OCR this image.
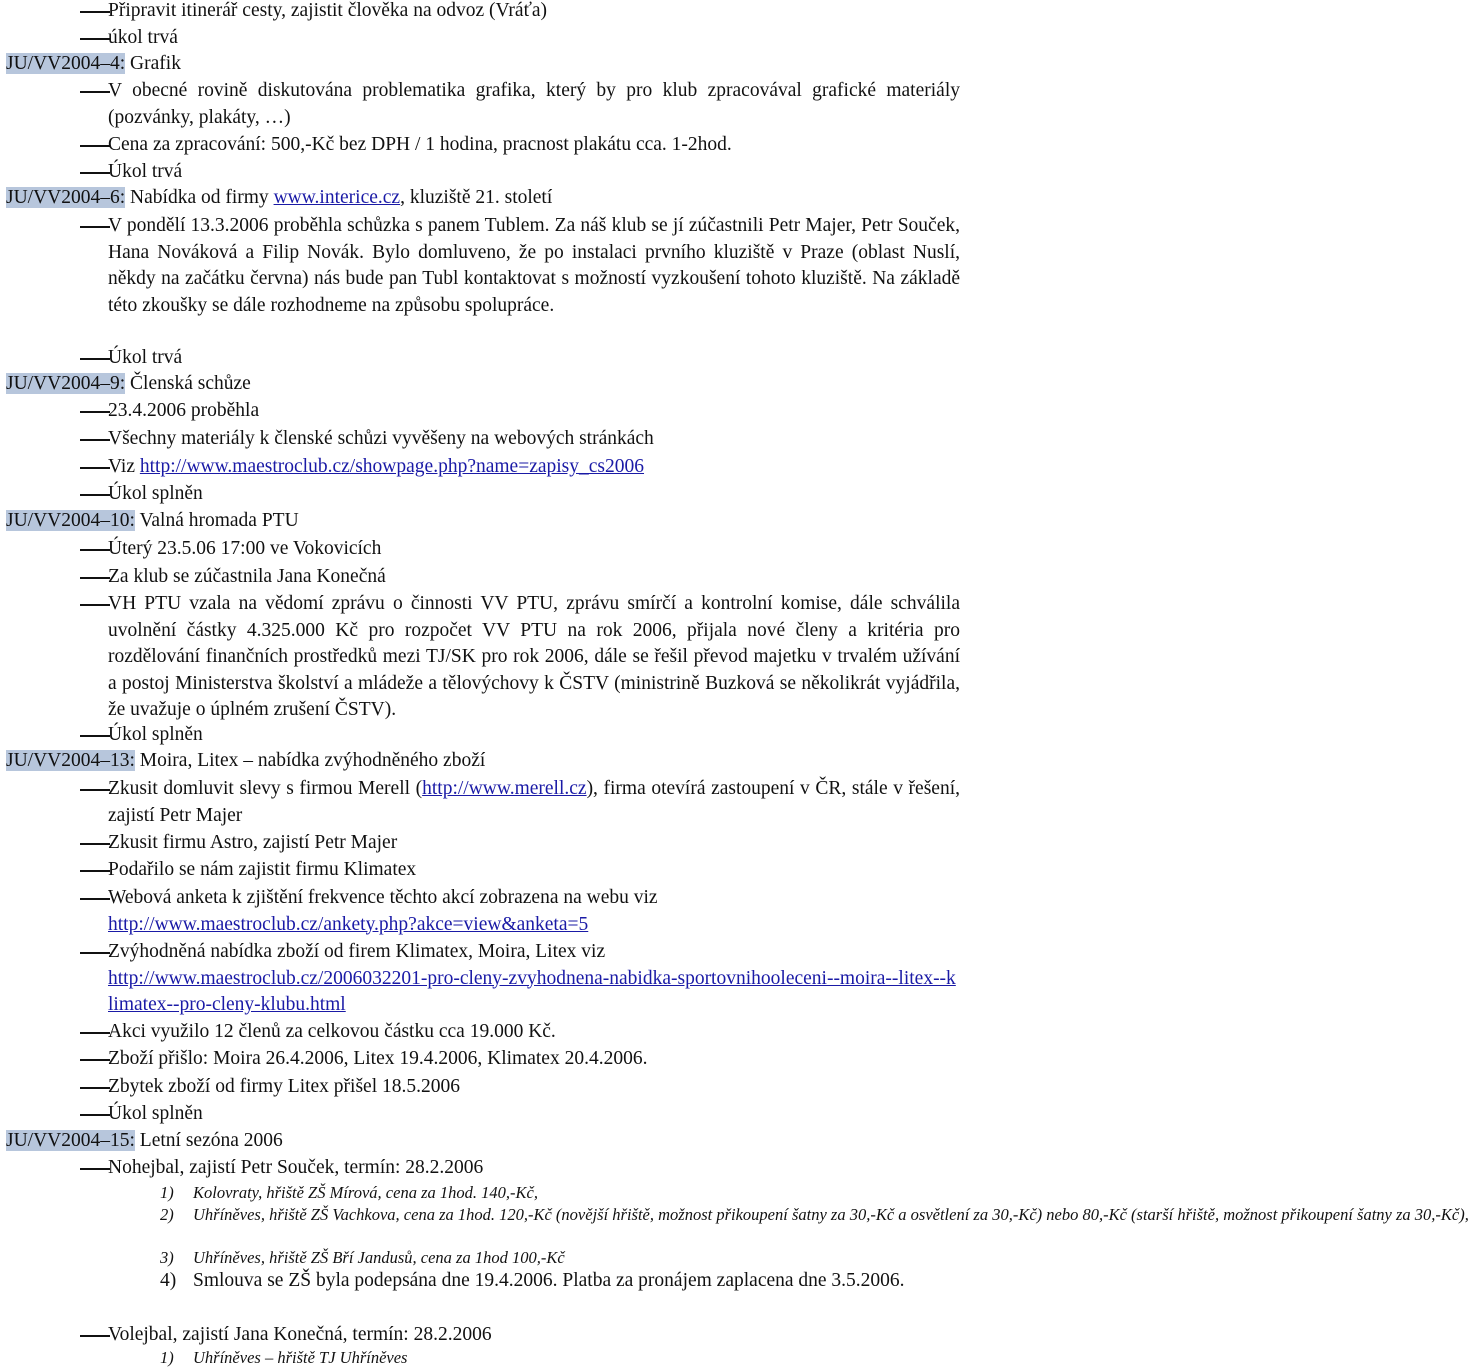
Připravit itinerář cesty, zajistit člověka na odvoz (Vráťa)
úkol trvá
JU/VV2004–4: Grafik
V obecné rovině diskutována problematika grafika, který by pro klub zpracovával grafické materiály (pozvánky, plakáty, …)
Cena za zpracování: 500,-Kč bez DPH / 1 hodina, pracnost plakátu cca. 1-2hod.
Úkol trvá
JU/VV2004–6: Nabídka od firmy www.interice.cz, kluziště 21. století
V pondělí 13.3.2006 proběhla schůzka s panem Tublem. Za náš klub se jí zúčastnili Petr Majer, Petr Souček, Hana Nováková a Filip Novák. Bylo domluveno, že po instalaci prvního kluziště v Praze (oblast Nuslí, někdy na začátku června) nás bude pan Tubl kontaktovat s možností vyzkoušení tohoto kluziště. Na základě této zkoušky se dále rozhodneme na způsobu spolupráce.
Úkol trvá
JU/VV2004–9: Členská schůze
23.4.2006 proběhla
Všechny materiály k členské schůzi vyvěšeny na webových stránkách
Viz http://www.maestroclub.cz/showpage.php?name=zapisy_cs2006
Úkol splněn
JU/VV2004–10: Valná hromada PTU
Úterý 23.5.06 17:00 ve Vokovicích
Za klub se zúčastnila Jana Konečná
VH PTU vzala na vědomí zprávu o činnosti VV PTU, zprávu smírčí a kontrolní komise, dále schválila uvolnění částky 4.325.000 Kč pro rozpočet VV PTU na rok 2006, přijala nové členy a kritéria pro rozdělování finančních prostředků mezi TJ/SK pro rok 2006, dále se řešil převod majetku v trvalém užívání a postoj Ministerstva školství a mládeže a tělovýchovy k ČSTV (ministrině Buzková se několikrát vyjádřila, že uvažuje o úplném zrušení ČSTV).
Úkol splněn
JU/VV2004–13: Moira, Litex – nabídka zvýhodněného zboží
Zkusit domluvit slevy s firmou Merell (http://www.merell.cz), firma otevírá zastoupení v ČR, stále v řešení, zajistí Petr Majer
Zkusit firmu Astro, zajistí Petr Majer
Podařilo se nám zajistit firmu Klimatex
Webová anketa k zjištění frekvence těchto akcí zobrazena na webu viz
http://www.maestroclub.cz/ankety.php?akce=view&anketa=5
Zvýhodněná nabídka zboží od firem Klimatex, Moira, Litex viz
http://www.maestroclub.cz/2006032201-pro-cleny-zvyhodnena-nabidka-sportovnihooleceni--moira--litex--klimatex--pro-cleny-klubu.html
Akci využilo 12 členů za celkovou částku cca 19.000 Kč.
Zboží přišlo: Moira 26.4.2006, Litex 19.4.2006, Klimatex 20.4.2006.
Zbytek zboží od firmy Litex přišel 18.5.2006
Úkol splněn
JU/VV2004–15: Letní sezóna 2006
Nohejbal, zajistí Petr Souček, termín: 28.2.2006
1) Kolovraty, hřiště ZŠ Mírová, cena za 1hod. 140,-Kč,
2)	Uhříněves, hřiště ZŠ Vachkova, cena za 1hod. 120,-Kč (novější hřiště, možnost přikoupení šatny za 30,-Kč a osvětlení za 30,-Kč) nebo 80,-Kč (starší hřiště, možnost přikoupení šatny za 30,-Kč),
3) Uhříněves, hřiště ZŠ Bří Jandusů, cena za 1hod 100,-Kč
4) Smlouva se ZŠ byla podepsána dne 19.4.2006. Platba za pronájem zaplacena dne 3.5.2006.
Volejbal, zajistí Jana Konečná, termín: 28.2.2006
1) Uhříněves – hřiště TJ Uhříněves
